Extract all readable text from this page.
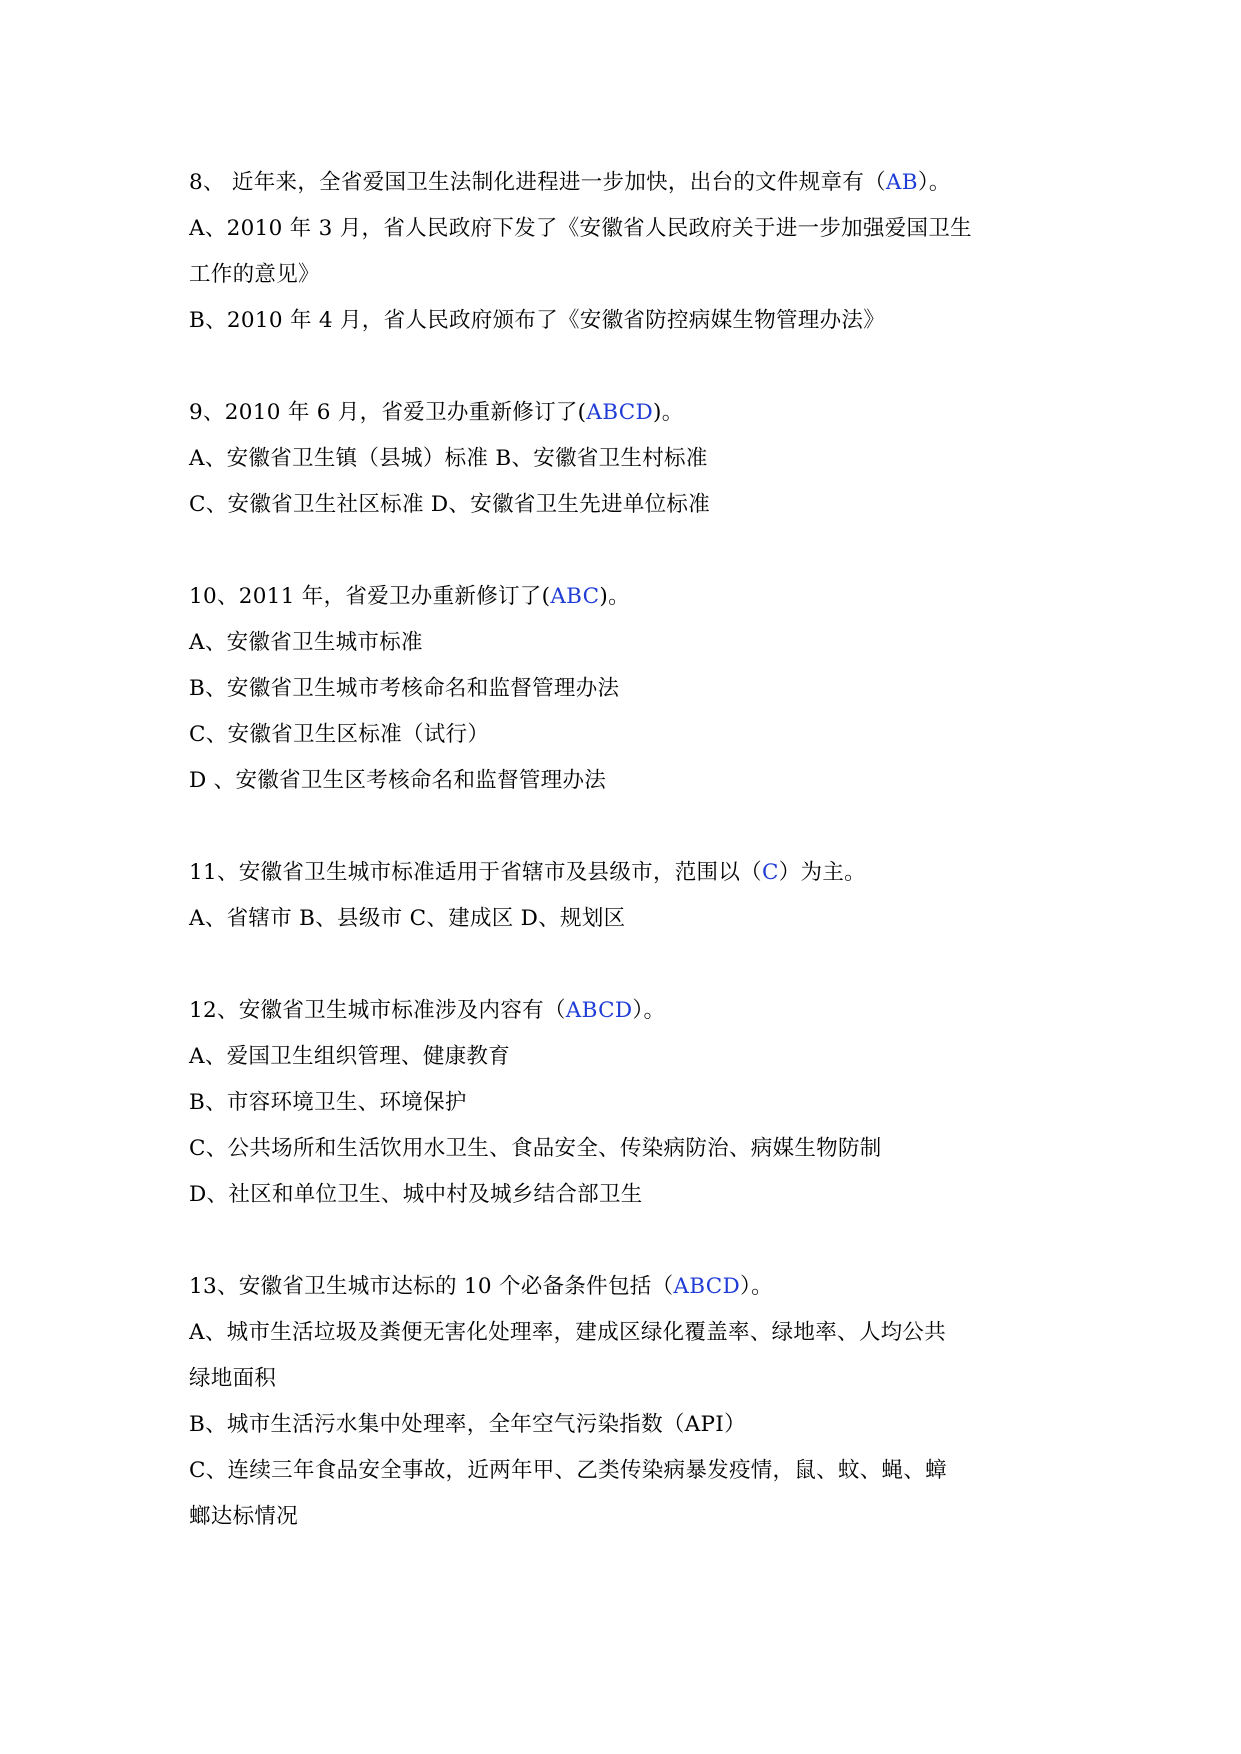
8、 近年来，全省爱国卫生法制化进程进一步加快，出台的文件规章有（AB）。
A、2010 年 3 月，省人民政府下发了《安徽省人民政府关于进一步加强爱国卫生
工作的意见》
B、2010 年 4 月，省人民政府颁布了《安徽省防控病媒生物管理办法》
9、2010 年 6 月，省爱卫办重新修订了(ABCD)。
A、安徽省卫生镇（县城）标准 B、安徽省卫生村标准
C、安徽省卫生社区标准 D、安徽省卫生先进单位标准
10、2011 年，省爱卫办重新修订了(ABC)。
A、安徽省卫生城市标准
B、安徽省卫生城市考核命名和监督管理办法
C、安徽省卫生区标准（试行）
D 、安徽省卫生区考核命名和监督管理办法
11、安徽省卫生城市标准适用于省辖市及县级市，范围以（C）为主。
A、省辖市 B、县级市 C、建成区 D、规划区
12、安徽省卫生城市标准涉及内容有（ABCD）。
A、爱国卫生组织管理、健康教育
B、市容环境卫生、环境保护
C、公共场所和生活饮用水卫生、食品安全、传染病防治、病媒生物防制
D、社区和单位卫生、城中村及城乡结合部卫生
13、安徽省卫生城市达标的 10 个必备条件包括（ABCD）。
A、城市生活垃圾及粪便无害化处理率，建成区绿化覆盖率、绿地率、人均公共
绿地面积
B、城市生活污水集中处理率，全年空气污染指数（API）
C、连续三年食品安全事故，近两年甲、乙类传染病暴发疫情，鼠、蚊、蝇、蟑
螂达标情况
